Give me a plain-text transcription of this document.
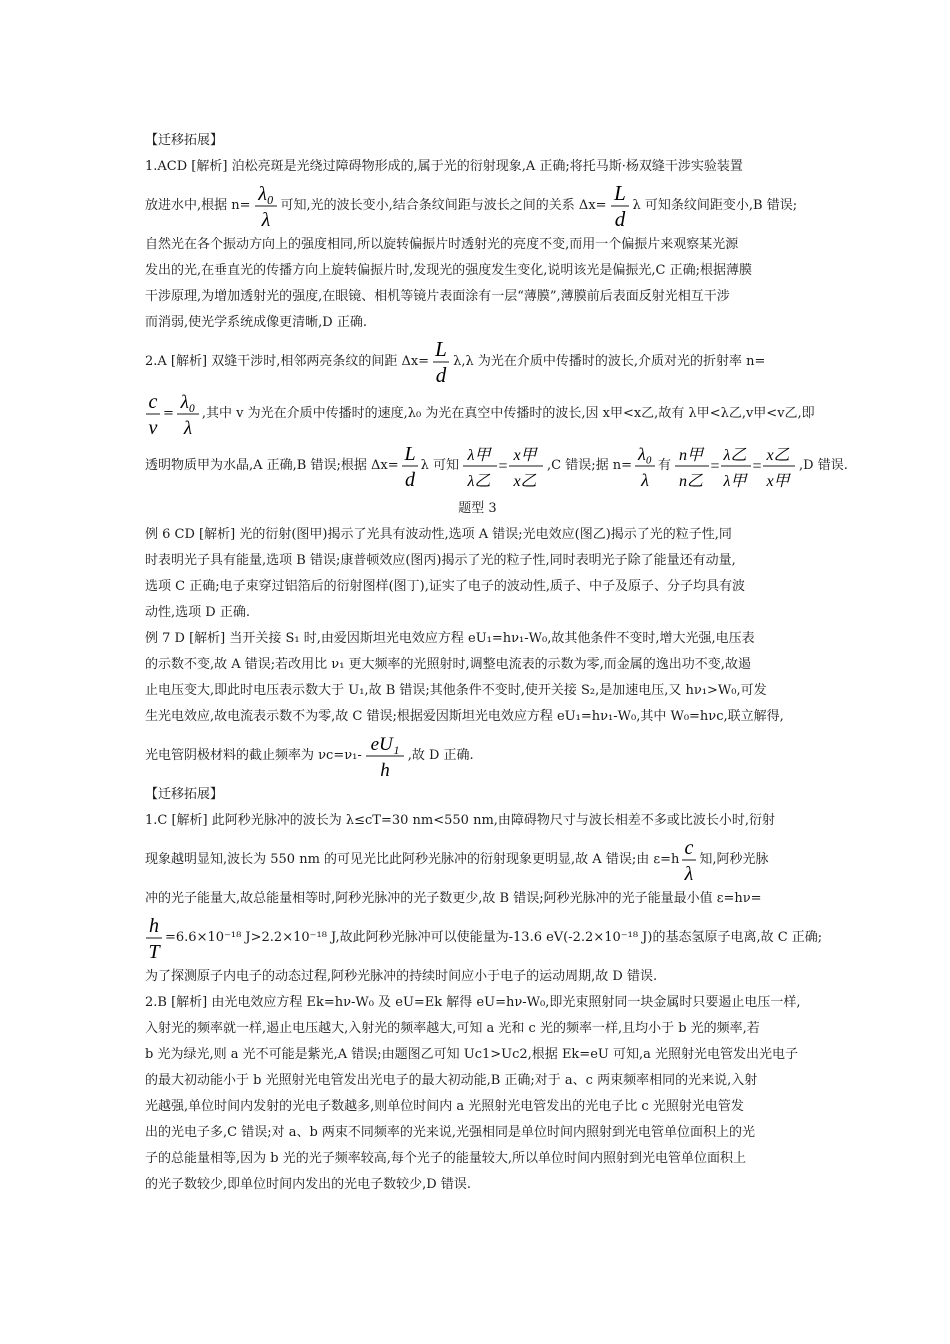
【迁移拓展】
1.ACD [解析] 泊松亮斑是光绕过障碍物形成的,属于光的衍射现象,A 正确;将托马斯·杨双缝干涉实验装置
放进水中,根据 n=
λ₀
λ
可知,光的波长变小,结合条纹间距与波长之间的关系 Δx=
L
d
λ 可知条纹间距变小,B 错误;
自然光在各个振动方向上的强度相同,所以旋转偏振片时透射光的亮度不变,而用一个偏振片来观察某光源
发出的光,在垂直光的传播方向上旋转偏振片时,发现光的强度发生变化,说明该光是偏振光,C 正确;根据薄膜
干涉原理,为增加透射光的强度,在眼镜、相机等镜片表面涂有一层“薄膜”,薄膜前后表面反射光相互干涉
而消弱,使光学系统成像更清晰,D 正确.
2.A [解析] 双缝干涉时,相邻两亮条纹的间距 Δx=
L
d
λ,λ 为光在介质中传播时的波长,介质对光的折射率 n=
c
v
=
λ₀
λ
,其中 v 为光在介质中传播时的速度,λ₀ 为光在真空中传播时的波长,因 x甲<x乙,故有 λ甲<λ乙,v甲<v乙,即
透明物质甲为水晶,A 正确,B 错误;根据 Δx=
L
d
λ 可知
λ甲
λ乙
=
x甲
x乙
,C 错误;据 n=
λ₀
λ
有
n甲
n乙
=
λ乙
λ甲
=
x乙
x甲
,D 错误.
题型 3
例 6 CD [解析] 光的衍射(图甲)揭示了光具有波动性,选项 A 错误;光电效应(图乙)揭示了光的粒子性,同
时表明光子具有能量,选项 B 错误;康普顿效应(图丙)揭示了光的粒子性,同时表明光子除了能量还有动量,
选项 C 正确;电子束穿过铝箔后的衍射图样(图丁),证实了电子的波动性,质子、中子及原子、分子均具有波
动性,选项 D 正确.
例 7 D [解析] 当开关接 S₁ 时,由爱因斯坦光电效应方程 eU₁=hν₁-W₀,故其他条件不变时,增大光强,电压表
的示数不变,故 A 错误;若改用比 ν₁ 更大频率的光照射时,调整电流表的示数为零,而金属的逸出功不变,故遏
止电压变大,即此时电压表示数大于 U₁,故 B 错误;其他条件不变时,使开关接 S₂,是加速电压,又 hν₁>W₀,可发
生光电效应,故电流表示数不为零,故 C 错误;根据爱因斯坦光电效应方程 eU₁=hν₁-W₀,其中 W₀=hνc,联立解得,
光电管阴极材料的截止频率为 νc=ν₁-
eU₁
h
,故 D 正确.
【迁移拓展】
1.C [解析] 此阿秒光脉冲的波长为 λ≤cT=30 nm<550 nm,由障碍物尺寸与波长相差不多或比波长小时,衍射
现象越明显知,波长为 550 nm 的可见光比此阿秒光脉冲的衍射现象更明显,故 A 错误;由 ε=h
c
λ
知,阿秒光脉
冲的光子能量大,故总能量相等时,阿秒光脉冲的光子数更少,故 B 错误;阿秒光脉冲的光子能量最小值 ε=hν=
h
T
=6.6×10⁻¹⁸ J>2.2×10⁻¹⁸ J,故此阿秒光脉冲可以使能量为-13.6 eV(-2.2×10⁻¹⁸ J)的基态氢原子电离,故 C 正确;
为了探测原子内电子的动态过程,阿秒光脉冲的持续时间应小于电子的运动周期,故 D 错误.
2.B [解析] 由光电效应方程 Ek=hν-W₀ 及 eU=Ek 解得 eU=hν-W₀,即光束照射同一块金属时只要遏止电压一样,
入射光的频率就一样,遏止电压越大,入射光的频率越大,可知 a 光和 c 光的频率一样,且均小于 b 光的频率,若
b 光为绿光,则 a 光不可能是紫光,A 错误;由题图乙可知 Uc1>Uc2,根据 Ek=eU 可知,a 光照射光电管发出光电子
的最大初动能小于 b 光照射光电管发出光电子的最大初动能,B 正确;对于 a、c 两束频率相同的光来说,入射
光越强,单位时间内发射的光电子数越多,则单位时间内 a 光照射光电管发出的光电子比 c 光照射光电管发
出的光电子多,C 错误;对 a、b 两束不同频率的光来说,光强相同是单位时间内照射到光电管单位面积上的光
子的总能量相等,因为 b 光的光子频率较高,每个光子的能量较大,所以单位时间内照射到光电管单位面积上
的光子数较少,即单位时间内发出的光电子数较少,D 错误.
